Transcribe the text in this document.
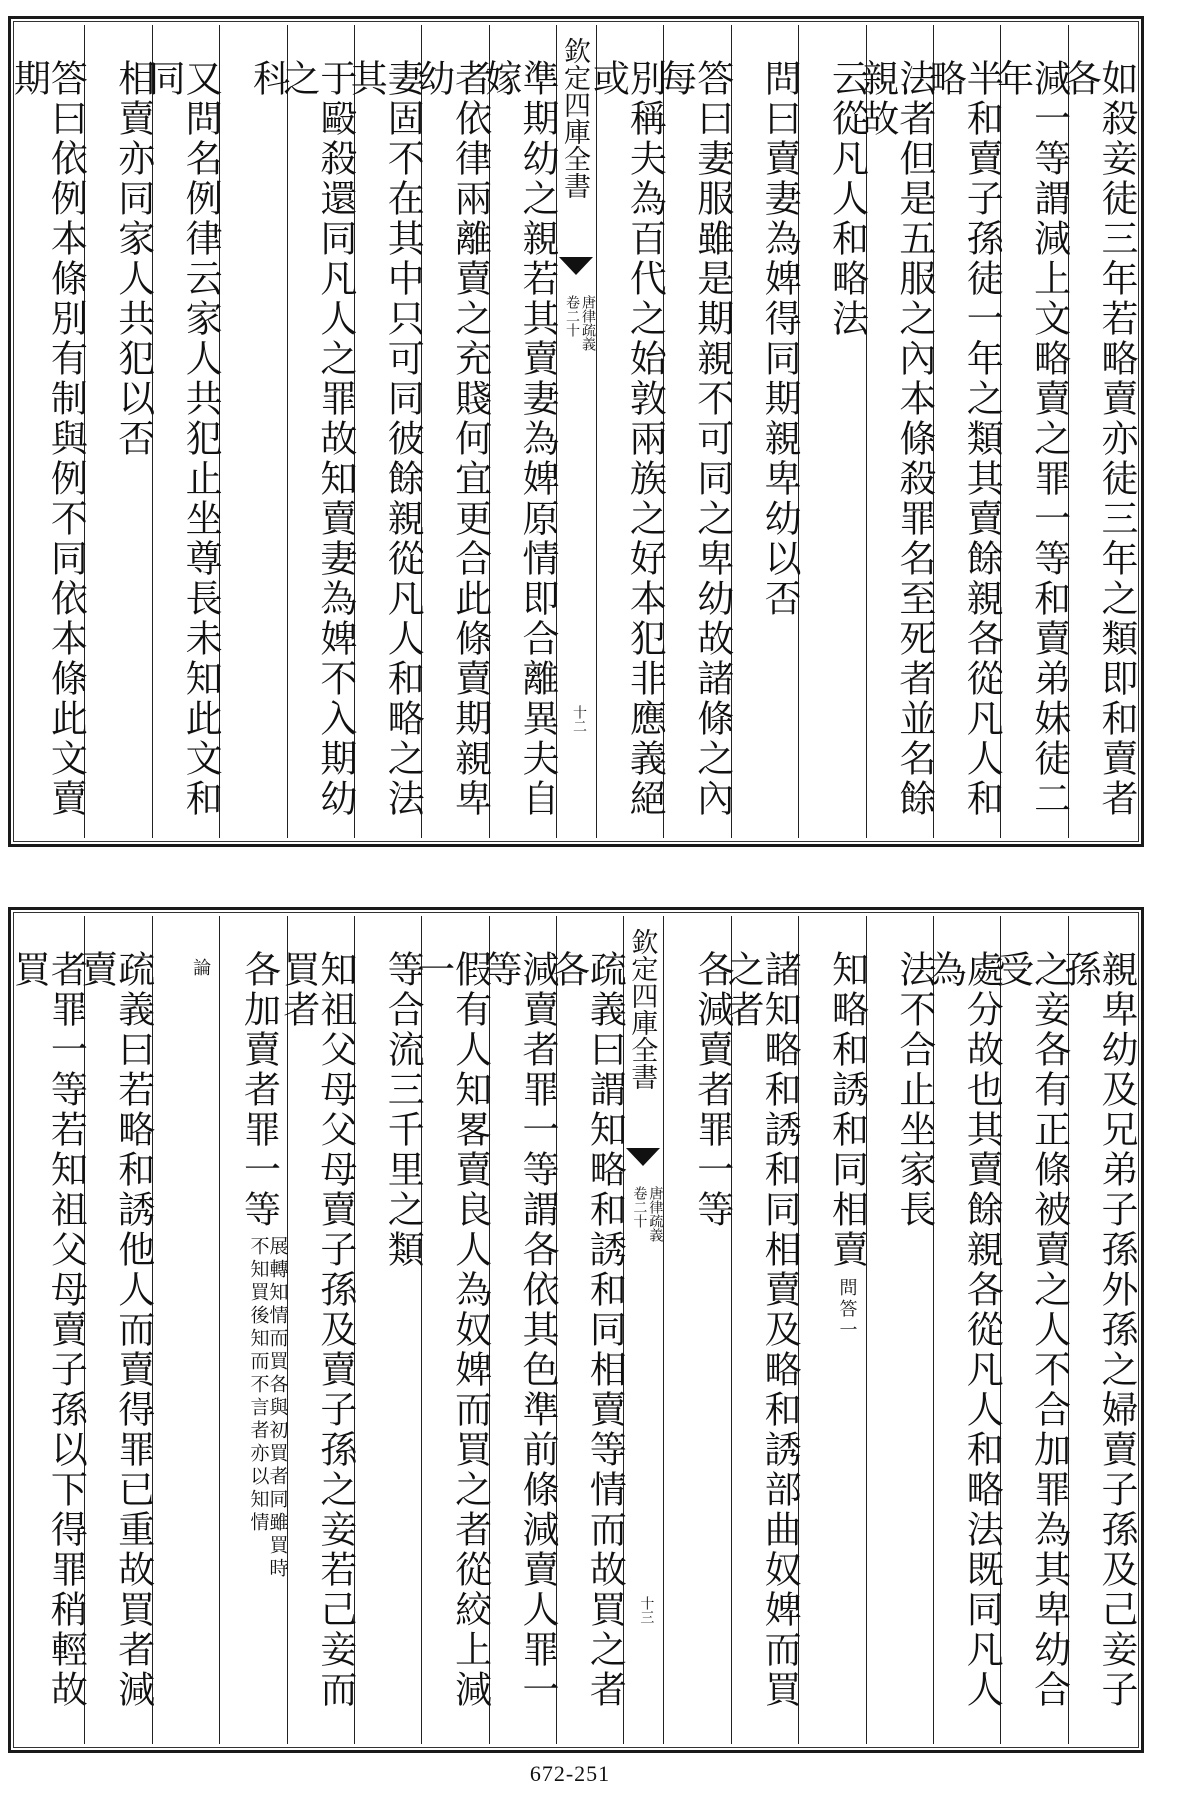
如殺妾徒三年若略賣亦徒三年之類即和賣者各
減一等謂減上文略賣之罪一等和賣弟妹徒二年
半和賣子孫徒一年之類其賣餘親各從凡人和略
法者但是五服之內本條殺罪名至死者並名餘親故
云從凡人和略法
問曰賣妻為婢得同期親卑幼以否
答曰妻服雖是期親不可同之卑幼故諸條之內每
別稱夫為百代之始敦兩族之好本犯非應義絕或
欽定四庫全書
唐律疏義
卷二十
十二
準期幼之親若其賣妻為婢原情即合離異夫自嫁
者依律兩離賣之充賤何宜更合此條賣期親卑幼
妻固不在其中只可同彼餘親從凡人和略之法其
于毆殺還同凡人之罪故知賣妻為婢不入期幼之
科
又問名例律云家人共犯止坐尊長未知此文和同
相賣亦同家人共犯以否
答曰依例本條別有制與例不同依本條此文賣期
親卑幼及兄弟子孫外孫之婦賣子孫及己妾子孫
之妾各有正條被賣之人不合加罪為其卑幼合受
處分故也其賣餘親各從凡人和略法既同凡人為
法不合止坐家長
知略和誘和同相賣問答一
諸知略和誘和同相賣及略和誘部曲奴婢而買之者
各減賣者罪一等
欽定四庫全書
唐律疏義
卷二十
十三
疏義曰謂知略和誘和同相賣等情而故買之者各
減賣者罪一等謂各依其色準前條減賣人罪一等
假有人知畧賣良人為奴婢而買之者從絞上減一
等合流三千里之類
知祖父母父母賣子孫及賣子孫之妾若己妾而買者
各加賣者罪一等展轉知情而買各與初買者同雖買時不知買後知而不言者亦以知情
論
疏義曰若略和誘他人而賣得罪已重故買者減賣
者罪一等若知祖父母賣子孫以下得罪稍輕故買
672-251
